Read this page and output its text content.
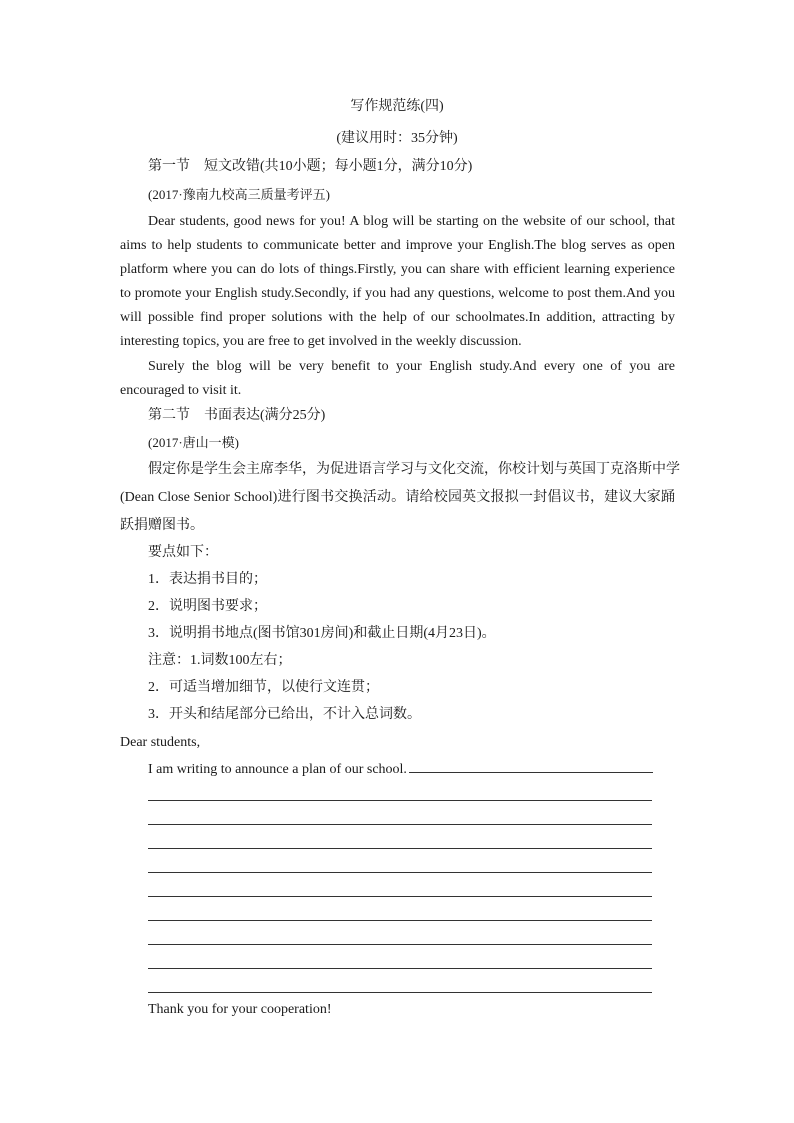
写作规范练(四)
(建议用时：35分钟)
第一节　短文改错(共10小题；每小题1分，满分10分)
(2017·豫南九校高三质量考评五)
Dear students, good news for you! A blog will be starting on the website of our school, that
aims to help students to communicate better and improve your English.The blog serves as open
platform where you can do lots of things.Firstly, you can share with efficient learning experience
to promote your English study.Secondly, if you had any questions, welcome to post them.And you
will possible find proper solutions with the help of our schoolmates.In addition, attracting by
interesting topics, you are free to get involved in the weekly discussion.
Surely the blog will be very benefit to your English study.And every one of you are
encouraged to visit it.
第二节　书面表达(满分25分)
(2017·唐山一模)
假定你是学生会主席李华，为促进语言学习与文化交流，你校计划与英国丁克洛斯中学
(Dean Close Senior School)进行图书交换活动。请给校园英文报拟一封倡议书，建议大家踊
跃捐赠图书。
要点如下：
1．表达捐书目的；
2．说明图书要求；
3．说明捐书地点(图书馆301房间)和截止日期(4月23日)。
注意：1.词数100左右；
2．可适当增加细节，以使行文连贯；
3．开头和结尾部分已给出，不计入总词数。
Dear students,
I am writing to announce a plan of our school.
Thank you for your cooperation!
